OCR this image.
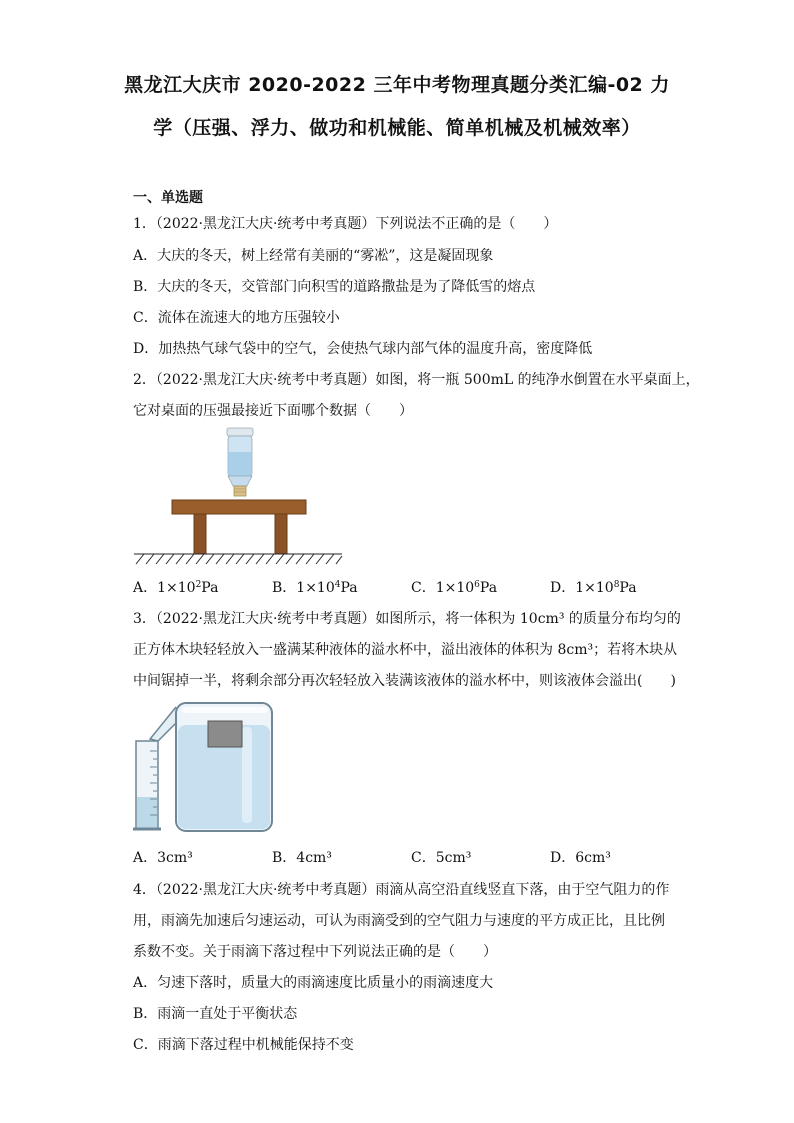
黑龙江大庆市 2020-2022 三年中考物理真题分类汇编-02 力
学（压强、浮力、做功和机械能、简单机械及机械效率）
一、单选题
1．（2022·黑龙江大庆·统考中考真题）下列说法不正确的是（　　）
A．大庆的冬天，树上经常有美丽的“雾凇”，这是凝固现象
B．大庆的冬天，交管部门向积雪的道路撒盐是为了降低雪的熔点
C．流体在流速大的地方压强较小
D．加热热气球气袋中的空气，会使热气球内部气体的温度升高，密度降低
2．（2022·黑龙江大庆·统考中考真题）如图，将一瓶 500mL 的纯净水倒置在水平桌面上，
它对桌面的压强最接近下面哪个数据（　　）
A．$1\times 10^2Pa$	B．$1\times 10^4Pa$	C．$1\times 10^6Pa$	D．$1\times 10^8Pa$
3．（2022·黑龙江大庆·统考中考真题）如图所示，将一体积为 10cm³ 的质量分布均匀的
正方体木块轻轻放入一盛满某种液体的溢水杯中，溢出液体的体积为 8cm³；若将木块从
中间锯掉一半，将剩余部分再次轻轻放入装满该液体的溢水杯中，则该液体会溢出(　　)
A．3cm³	B．4cm³	C．5cm³	D．6cm³
4．（2022·黑龙江大庆·统考中考真题）雨滴从高空沿直线竖直下落，由于空气阻力的作
用，雨滴先加速后匀速运动，可认为雨滴受到的空气阻力与速度的平方成正比，且比例
系数不变。关于雨滴下落过程中下列说法正确的是（　　）
A．匀速下落时，质量大的雨滴速度比质量小的雨滴速度大
B．雨滴一直处于平衡状态
C．雨滴下落过程中机械能保持不变
